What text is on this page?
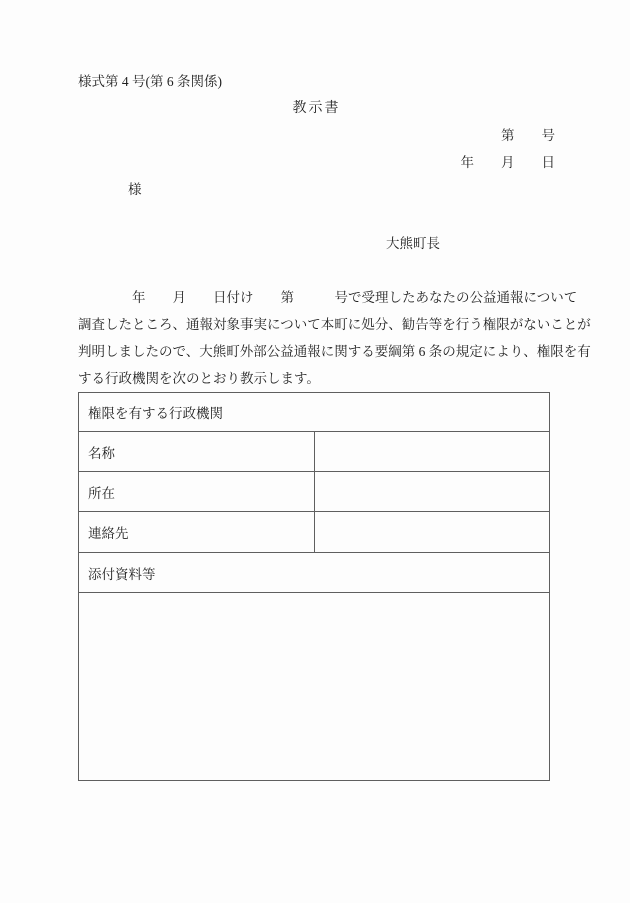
様式第 4 号(第 6 条関係)
教示書
第　　号
年　　月　　日
様
大熊町長
　　　　年　　月　　日付け　　第　　　号で受理したあなたの公益通報について
調査したところ、通報対象事実について本町に処分、勧告等を行う権限がないことが
判明しましたので、大熊町外部公益通報に関する要綱第 6 条の規定により、権限を有
する行政機関を次のとおり教示します。
権限を有する行政機関	
名称	
所在	
連絡先	
添付資料等	
